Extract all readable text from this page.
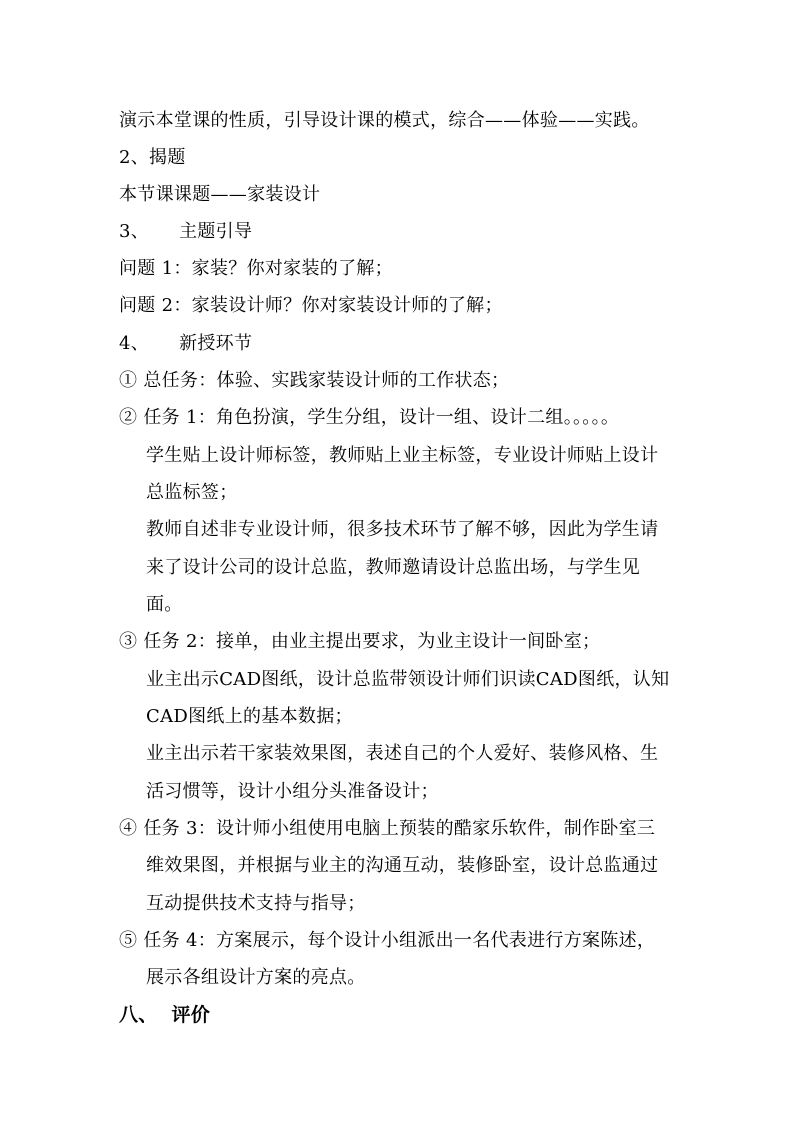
演示本堂课的性质，引导设计课的模式，综合——体验——实践。
2、揭题
本节课课题——家装设计
3、 主题引导
问题 1：家装？你对家装的了解；
问题 2：家装设计师？你对家装设计师的了解；
4、 新授环节
① 总任务：体验、实践家装设计师的工作状态；
② 任务 1：角色扮演，学生分组，设计一组、设计二组。。。。。
学生贴上设计师标签，教师贴上业主标签，专业设计师贴上设计
总监标签；
教师自述非专业设计师，很多技术环节了解不够，因此为学生请
来了设计公司的设计总监，教师邀请设计总监出场，与学生见
面。
③ 任务 2：接单，由业主提出要求，为业主设计一间卧室；
业主出示CAD图纸，设计总监带领设计师们识读CAD图纸，认知
CAD图纸上的基本数据；
业主出示若干家装效果图，表述自己的个人爱好、装修风格、生
活习惯等，设计小组分头准备设计；
④ 任务 3：设计师小组使用电脑上预装的酷家乐软件，制作卧室三
维效果图，并根据与业主的沟通互动，装修卧室，设计总监通过
互动提供技术支持与指导；
⑤ 任务 4：方案展示，每个设计小组派出一名代表进行方案陈述，
展示各组设计方案的亮点。
八、 评价
